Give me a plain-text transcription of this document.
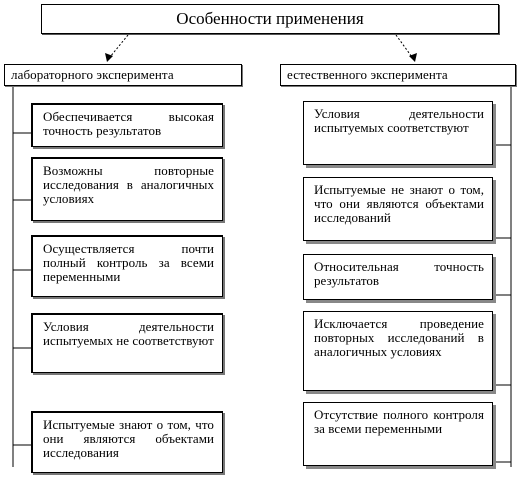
Особенности применения
лабораторного эксперимента	естественного эксперимента
Обеспечивается высокая точность результатов
Возможны повторные исследования в аналогичных условиях
Осуществляется почти полный контроль за всеми переменными
Условия деятельности испытуемых не соответствуют
Испытуемые знают о том, что они являются объектами исследования
Условия деятельности испытуемых соответствуют
Испытуемые не знают о том, что они являются объектами исследований
Относительная точность результатов
Исключается проведение повторных исследований в аналогичных условиях
Отсутствие полного контроля за всеми переменными
